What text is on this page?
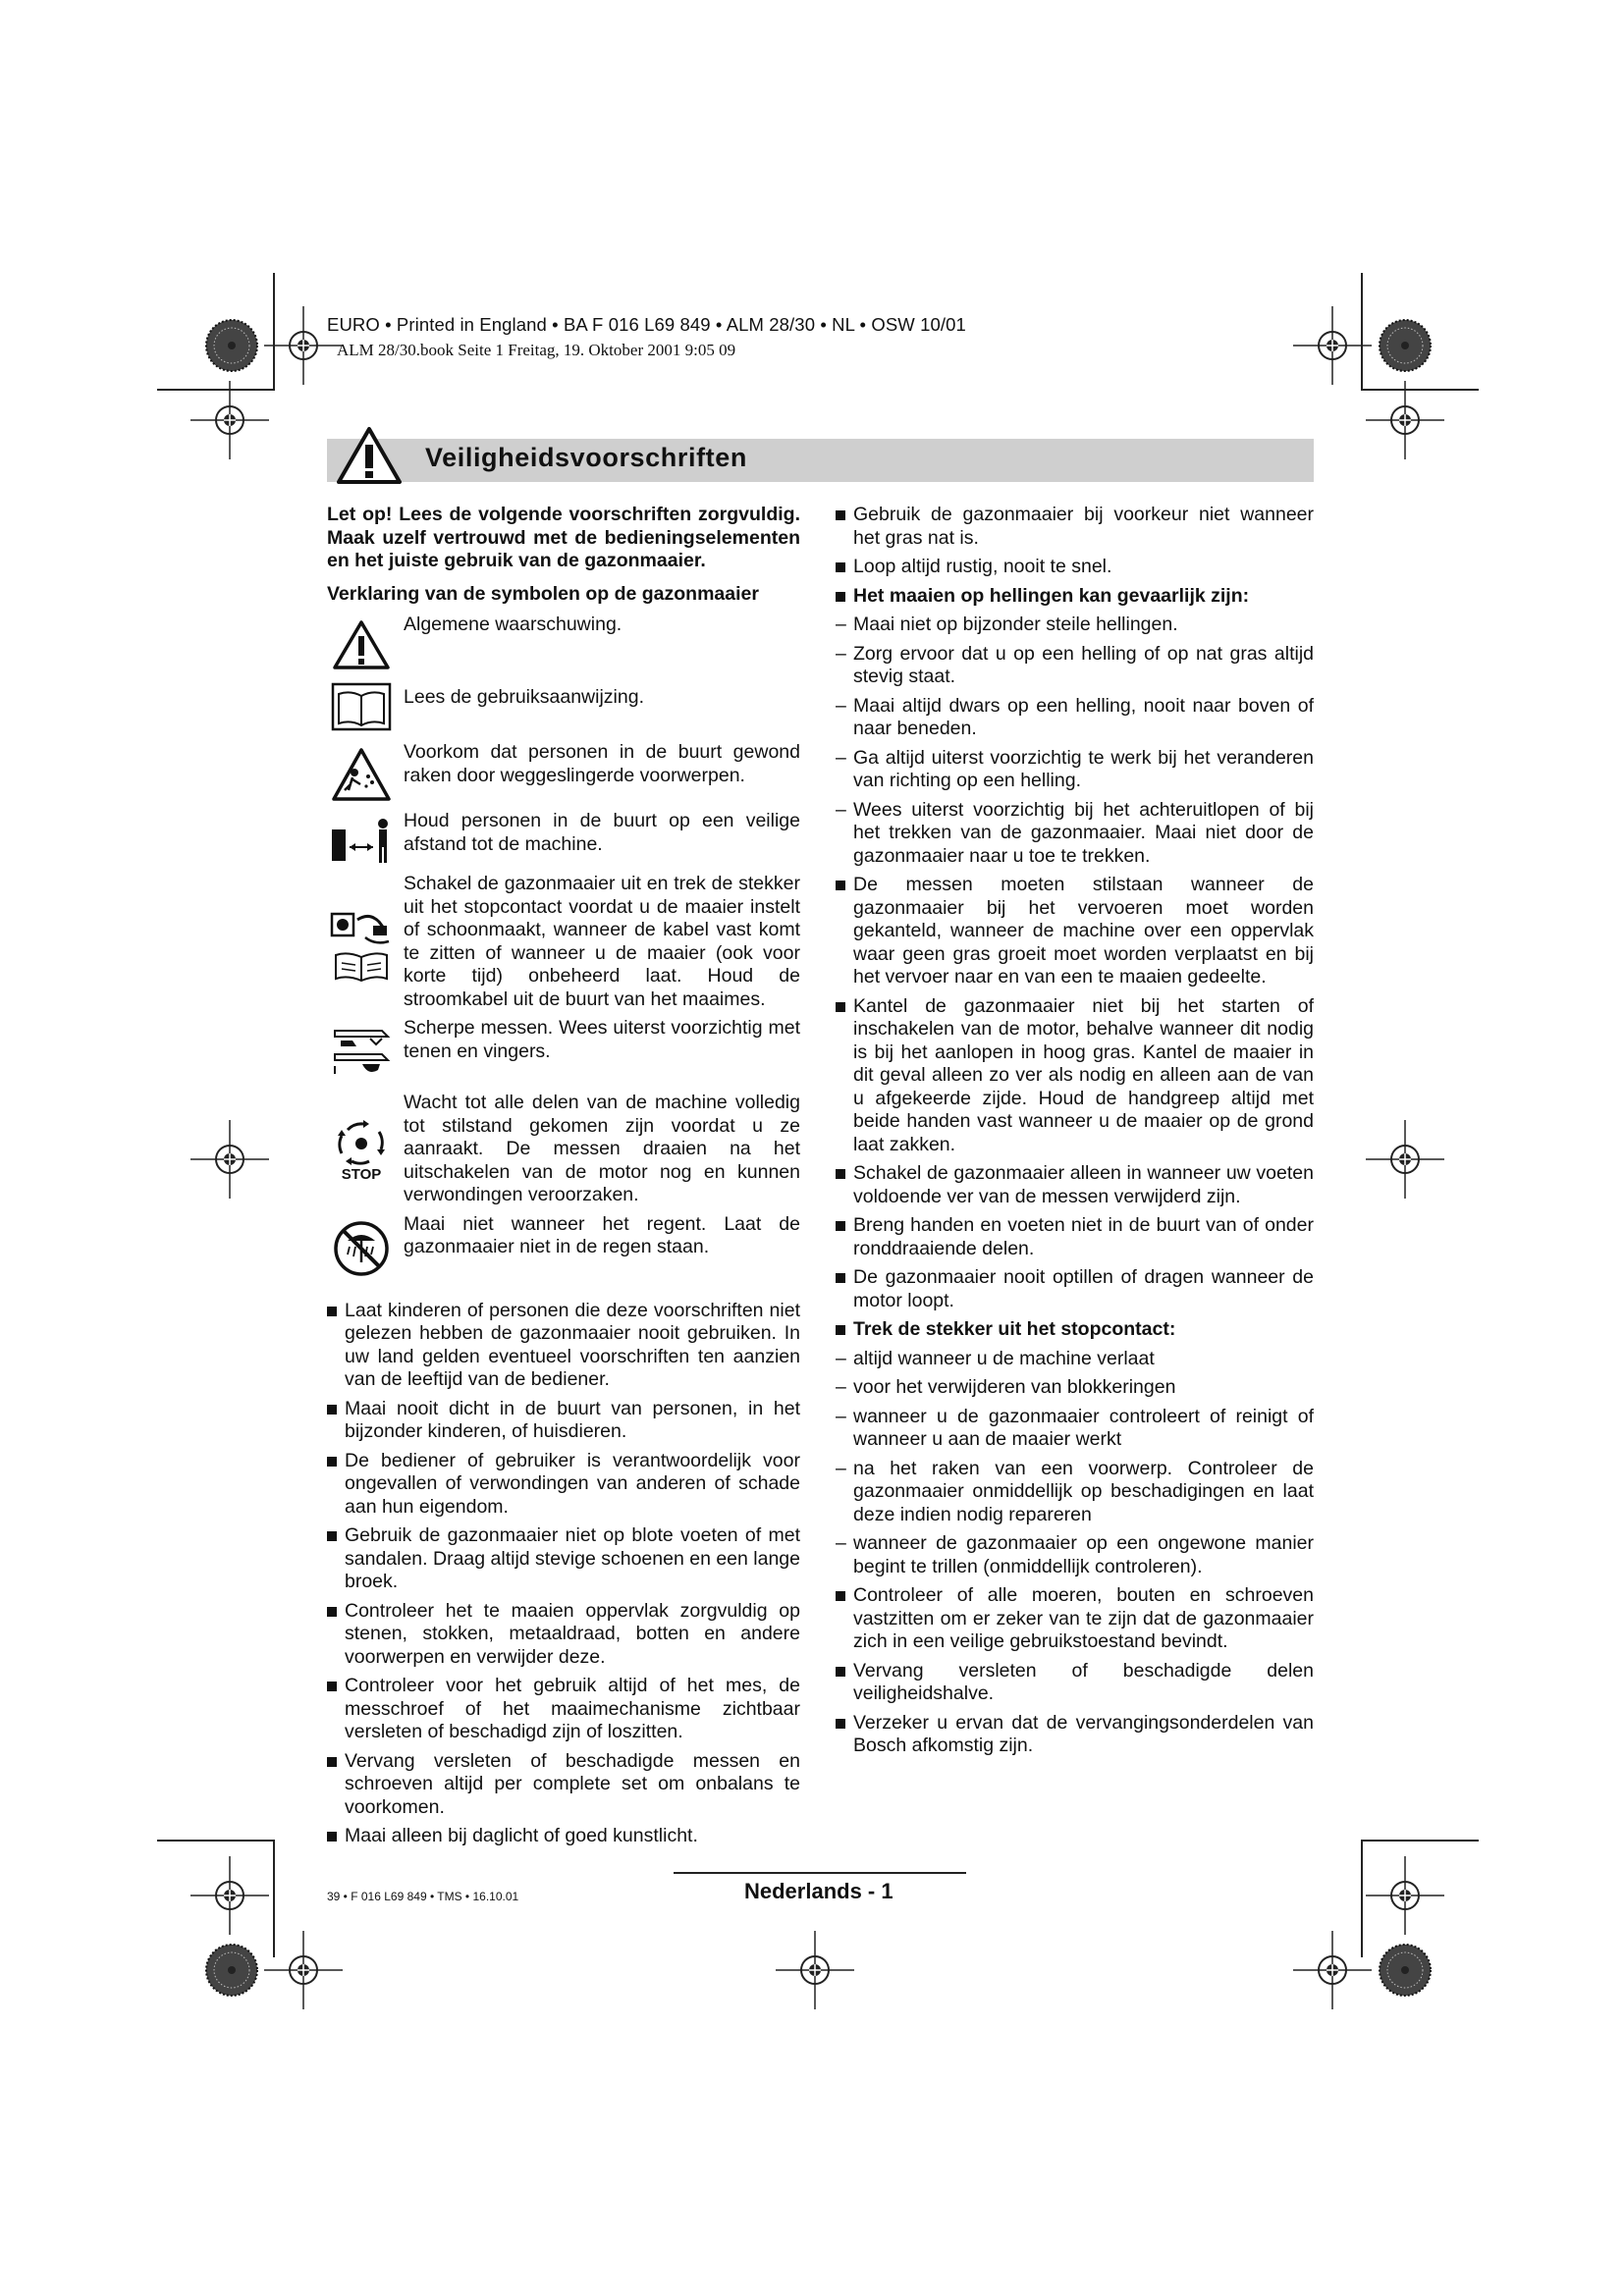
EURO • Printed in England • BA F 016 L69 849 • ALM 28/30 • NL • OSW 10/01
ALM 28/30.book Seite 1 Freitag, 19. Oktober 2001 9:05 09
Veiligheidsvoorschriften
Let op! Lees de volgende voorschriften zorgvuldig. Maak uzelf vertrouwd met de bedieningselementen en het juiste gebruik van de gazonmaaier.
Verklaring van de symbolen op de gazonmaaier
Algemene waarschuwing.
Lees de gebruiksaanwijzing.
Voorkom dat personen in de buurt gewond raken door weggeslingerde voorwerpen.
Houd personen in de buurt op een veilige afstand tot de machine.
Schakel de gazonmaaier uit en trek de stekker uit het stopcontact voordat u de maaier instelt of schoonmaakt, wanneer de kabel vast komt te zitten of wanneer u de maaier (ook voor korte tijd) onbeheerd laat. Houd de stroomkabel uit de buurt van het maaimes.
Scherpe messen. Wees uiterst voorzichtig met tenen en vingers.
STOP
Wacht tot alle delen van de machine volledig tot stilstand gekomen zijn voordat u ze aanraakt. De messen draaien na het uitschakelen van de motor nog en kunnen verwondingen veroorzaken.
Maai niet wanneer het regent. Laat de gazonmaaier niet in de regen staan.
Laat kinderen of personen die deze voorschriften niet gelezen hebben de gazonmaaier nooit gebruiken. In uw land gelden eventueel voorschriften ten aanzien van de leeftijd van de bediener.
Maai nooit dicht in de buurt van personen, in het bijzonder kinderen, of huisdieren.
De bediener of gebruiker is verantwoordelijk voor ongevallen of verwondingen van anderen of schade aan hun eigendom.
Gebruik de gazonmaaier niet op blote voeten of met sandalen. Draag altijd stevige schoenen en een lange broek.
Controleer het te maaien oppervlak zorgvuldig op stenen, stokken, metaaldraad, botten en andere voorwerpen en verwijder deze.
Controleer voor het gebruik altijd of het mes, de messchroef of het maaimechanisme zichtbaar versleten of beschadigd zijn of loszitten.
Vervang versleten of beschadigde messen en schroeven altijd per complete set om onbalans te voorkomen.
Maai alleen bij daglicht of goed kunstlicht.
Gebruik de gazonmaaier bij voorkeur niet wanneer het gras nat is.
Loop altijd rustig, nooit te snel.
Het maaien op hellingen kan gevaarlijk zijn:
– Maai niet op bijzonder steile hellingen.
– Zorg ervoor dat u op een helling of op nat gras altijd stevig staat.
– Maai altijd dwars op een helling, nooit naar boven of naar beneden.
– Ga altijd uiterst voorzichtig te werk bij het veranderen van richting op een helling.
– Wees uiterst voorzichtig bij het achteruitlopen of bij het trekken van de gazonmaaier. Maai niet door de gazonmaaier naar u toe te trekken.
De messen moeten stilstaan wanneer de gazonmaaier bij het vervoeren moet worden gekanteld, wanneer de machine over een oppervlak waar geen gras groeit moet worden verplaatst en bij het vervoer naar en van een te maaien gedeelte.
Kantel de gazonmaaier niet bij het starten of inschakelen van de motor, behalve wanneer dit nodig is bij het aanlopen in hoog gras. Kantel de maaier in dit geval alleen zo ver als nodig en alleen aan de van u afgekeerde zijde. Houd de handgreep altijd met beide handen vast wanneer u de maaier op de grond laat zakken.
Schakel de gazonmaaier alleen in wanneer uw voeten voldoende ver van de messen verwijderd zijn.
Breng handen en voeten niet in de buurt van of onder ronddraaiende delen.
De gazonmaaier nooit optillen of dragen wanneer de motor loopt.
Trek de stekker uit het stopcontact:
– altijd wanneer u de machine verlaat
– voor het verwijderen van blokkeringen
– wanneer u de gazonmaaier controleert of reinigt of wanneer u aan de maaier werkt
– na het raken van een voorwerp. Controleer de gazonmaaier onmiddellijk op beschadigingen en laat deze indien nodig repareren
– wanneer de gazonmaaier op een ongewone manier begint te trillen (onmiddellijk controleren).
Controleer of alle moeren, bouten en schroeven vastzitten om er zeker van te zijn dat de gazonmaaier zich in een veilige gebruikstoestand bevindt.
Vervang versleten of beschadigde delen veiligheidshalve.
Verzeker u ervan dat de vervangingsonderdelen van Bosch afkomstig zijn.
39 • F 016 L69 849 • TMS • 16.10.01	Nederlands - 1
